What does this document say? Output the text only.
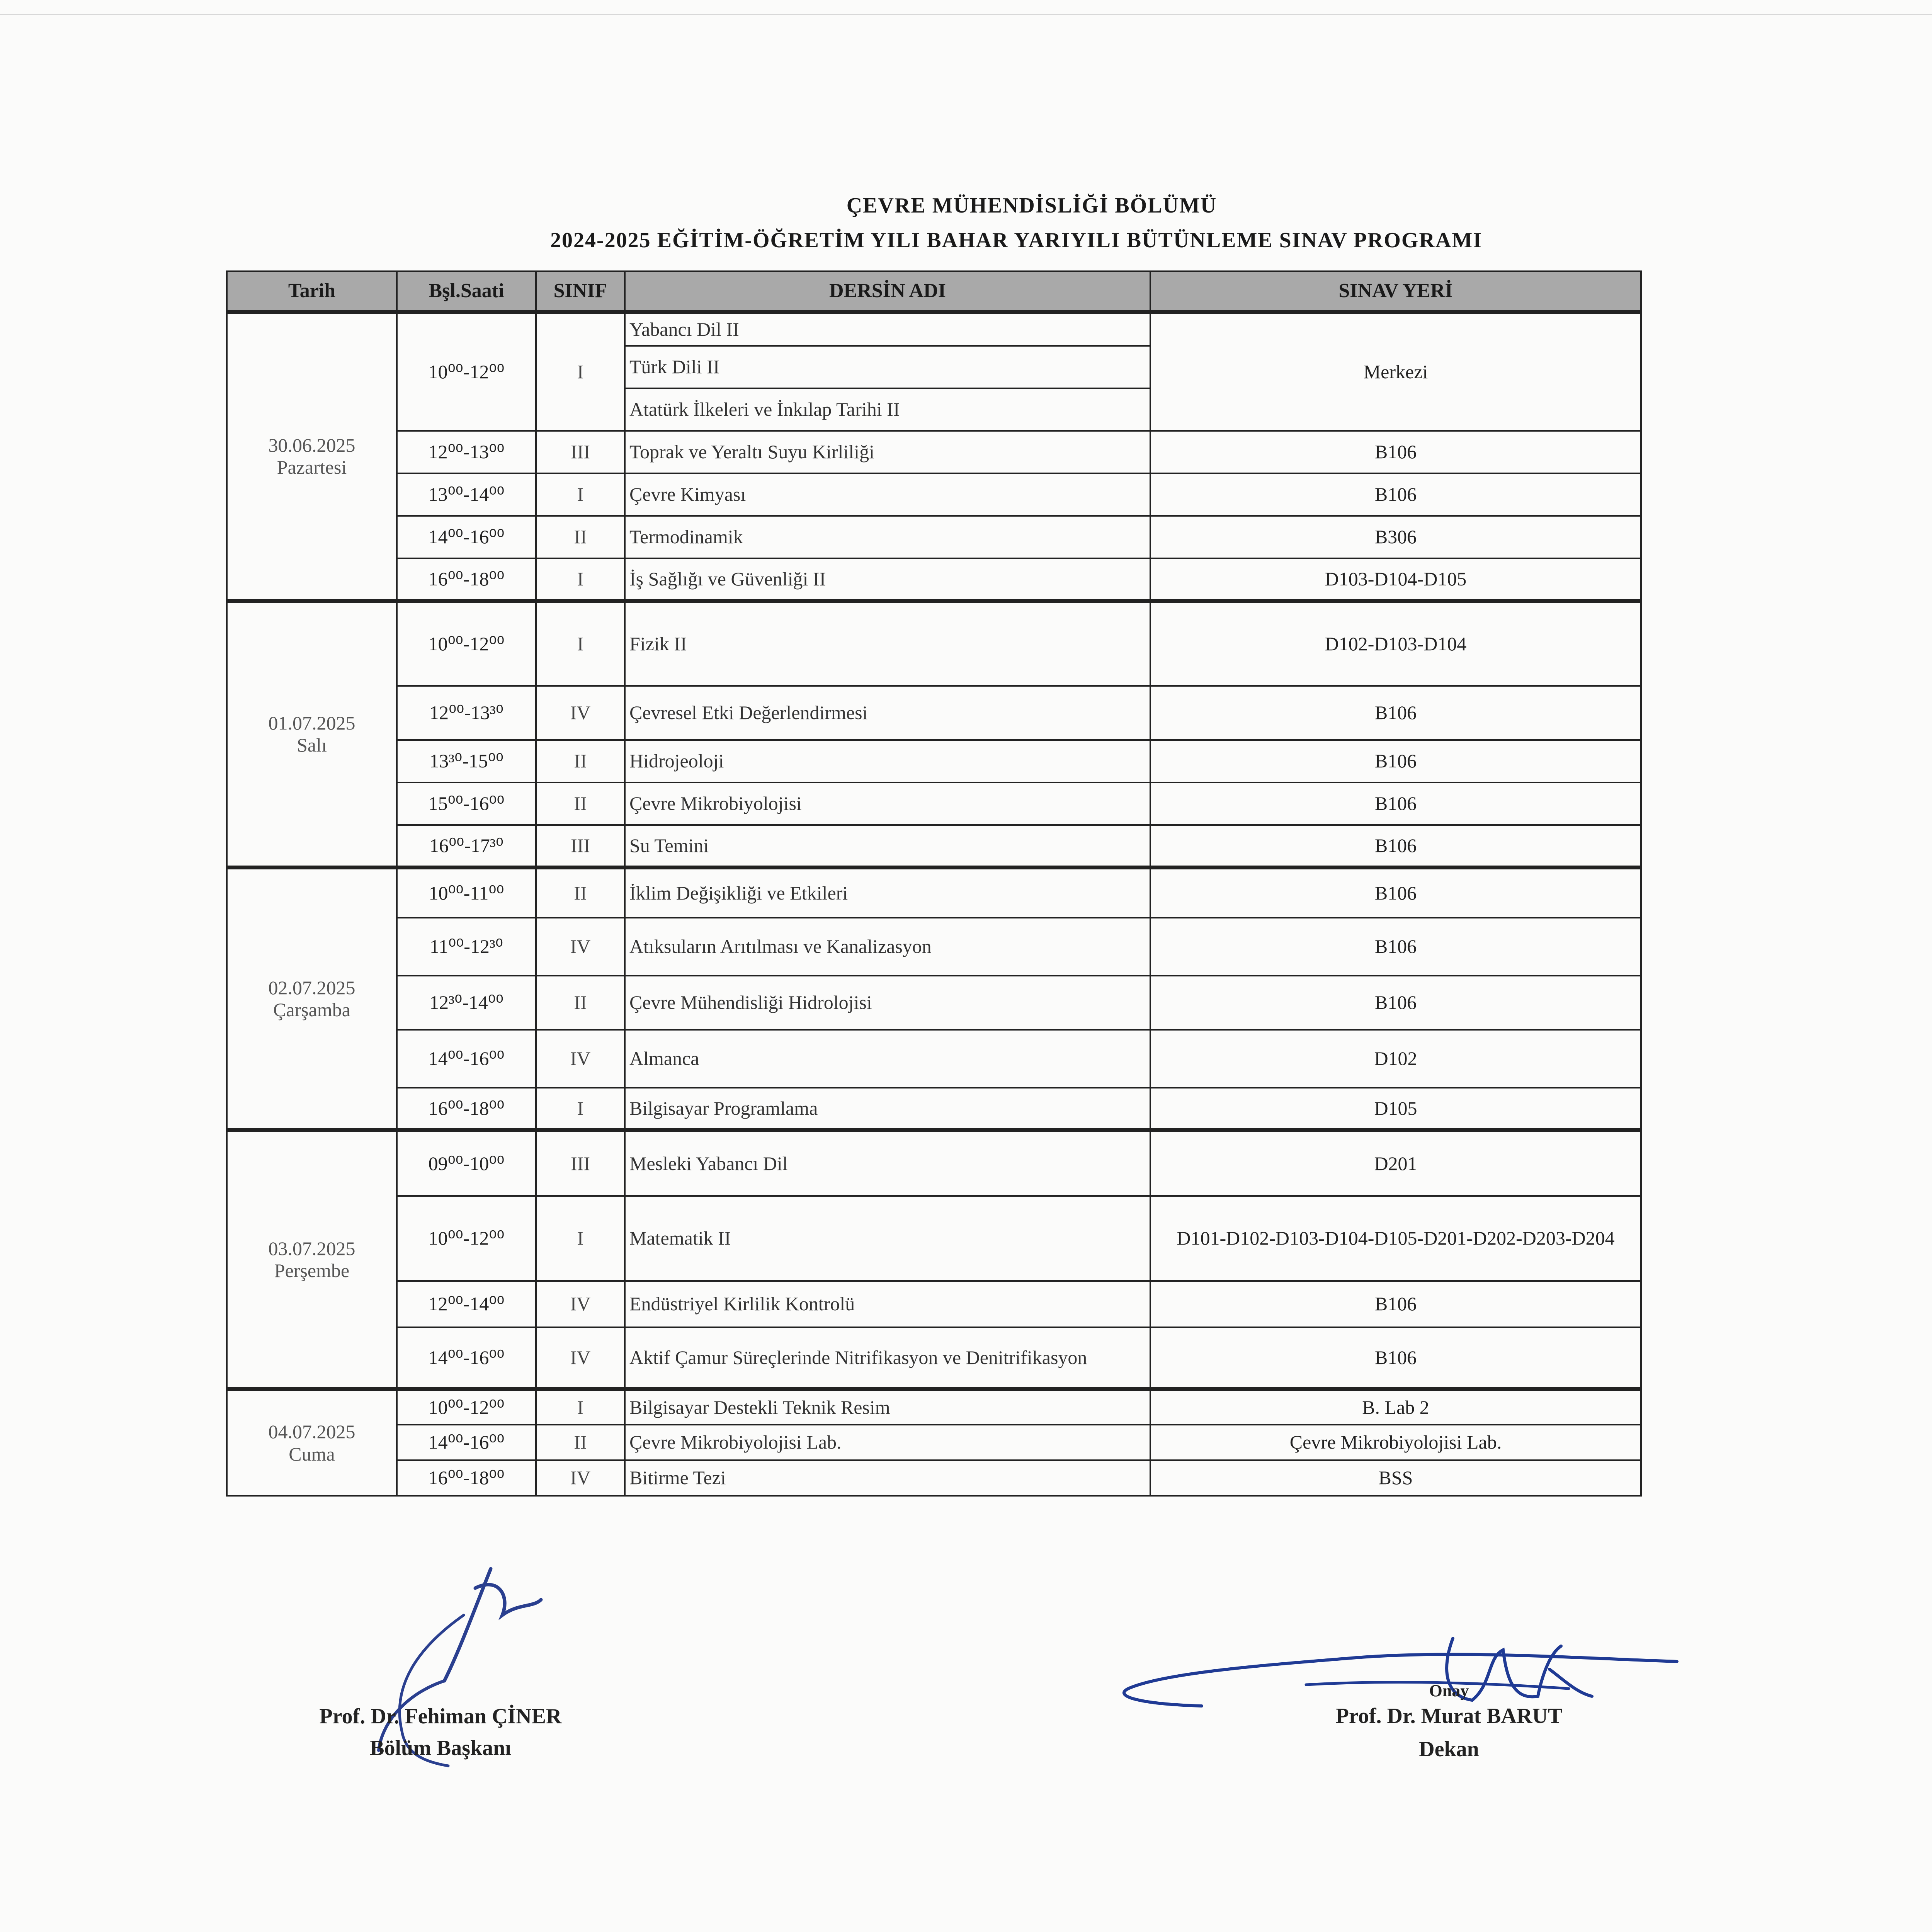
ÇEVRE MÜHENDİSLİĞİ BÖLÜMÜ
2024-2025 EĞİTİM-ÖĞRETİM YILI BAHAR YARIYILI BÜTÜNLEME SINAV PROGRAMI
Tarih	Bşl.Saati	SINIF	DERSİN ADI	SINAV YERİ

30.06.2025
Pazartesi	10⁰⁰-12⁰⁰	I	Yabancı Dil II	Merkezi
			Türk Dili II	
			Atatürk İlkeleri ve İnkılap Tarihi II	
	12⁰⁰-13⁰⁰	III	Toprak ve Yeraltı Suyu Kirliliği	B106
	13⁰⁰-14⁰⁰	I	Çevre Kimyası	B106
	14⁰⁰-16⁰⁰	II	Termodinamik	B306
	16⁰⁰-18⁰⁰	I	İş Sağlığı ve Güvenliği II	D103-D104-D105

01.07.2025
Salı	10⁰⁰-12⁰⁰	I	Fizik II	D102-D103-D104
	12⁰⁰-13³⁰	IV	Çevresel Etki Değerlendirmesi	B106
	13³⁰-15⁰⁰	II	Hidrojeoloji	B106
	15⁰⁰-16⁰⁰	II	Çevre Mikrobiyolojisi	B106
	16⁰⁰-17³⁰	III	Su Temini	B106

02.07.2025
Çarşamba	10⁰⁰-11⁰⁰	II	İklim Değişikliği ve Etkileri	B106
	11⁰⁰-12³⁰	IV	Atıksuların Arıtılması ve Kanalizasyon	B106
	12³⁰-14⁰⁰	II	Çevre Mühendisliği Hidrolojisi	B106
	14⁰⁰-16⁰⁰	IV	Almanca	D102
	16⁰⁰-18⁰⁰	I	Bilgisayar Programlama	D105

03.07.2025
Perşembe	09⁰⁰-10⁰⁰	III	Mesleki Yabancı Dil	D201
	10⁰⁰-12⁰⁰	I	Matematik II	D101-D102-D103-D104-D105-D201-D202-D203-D204
	12⁰⁰-14⁰⁰	IV	Endüstriyel Kirlilik Kontrolü	B106
	14⁰⁰-16⁰⁰	IV	Aktif Çamur Süreçlerinde Nitrifikasyon ve Denitrifikasyon	B106

04.07.2025
Cuma	10⁰⁰-12⁰⁰	I	Bilgisayar Destekli Teknik Resim	B. Lab 2
	14⁰⁰-16⁰⁰	II	Çevre Mikrobiyolojisi Lab.	Çevre Mikrobiyolojisi Lab.
	16⁰⁰-18⁰⁰	IV	Bitirme Tezi	BSS
Prof. Dr. Fehiman ÇİNER
Bölüm Başkanı
Onay
Prof. Dr. Murat BARUT
Dekan
